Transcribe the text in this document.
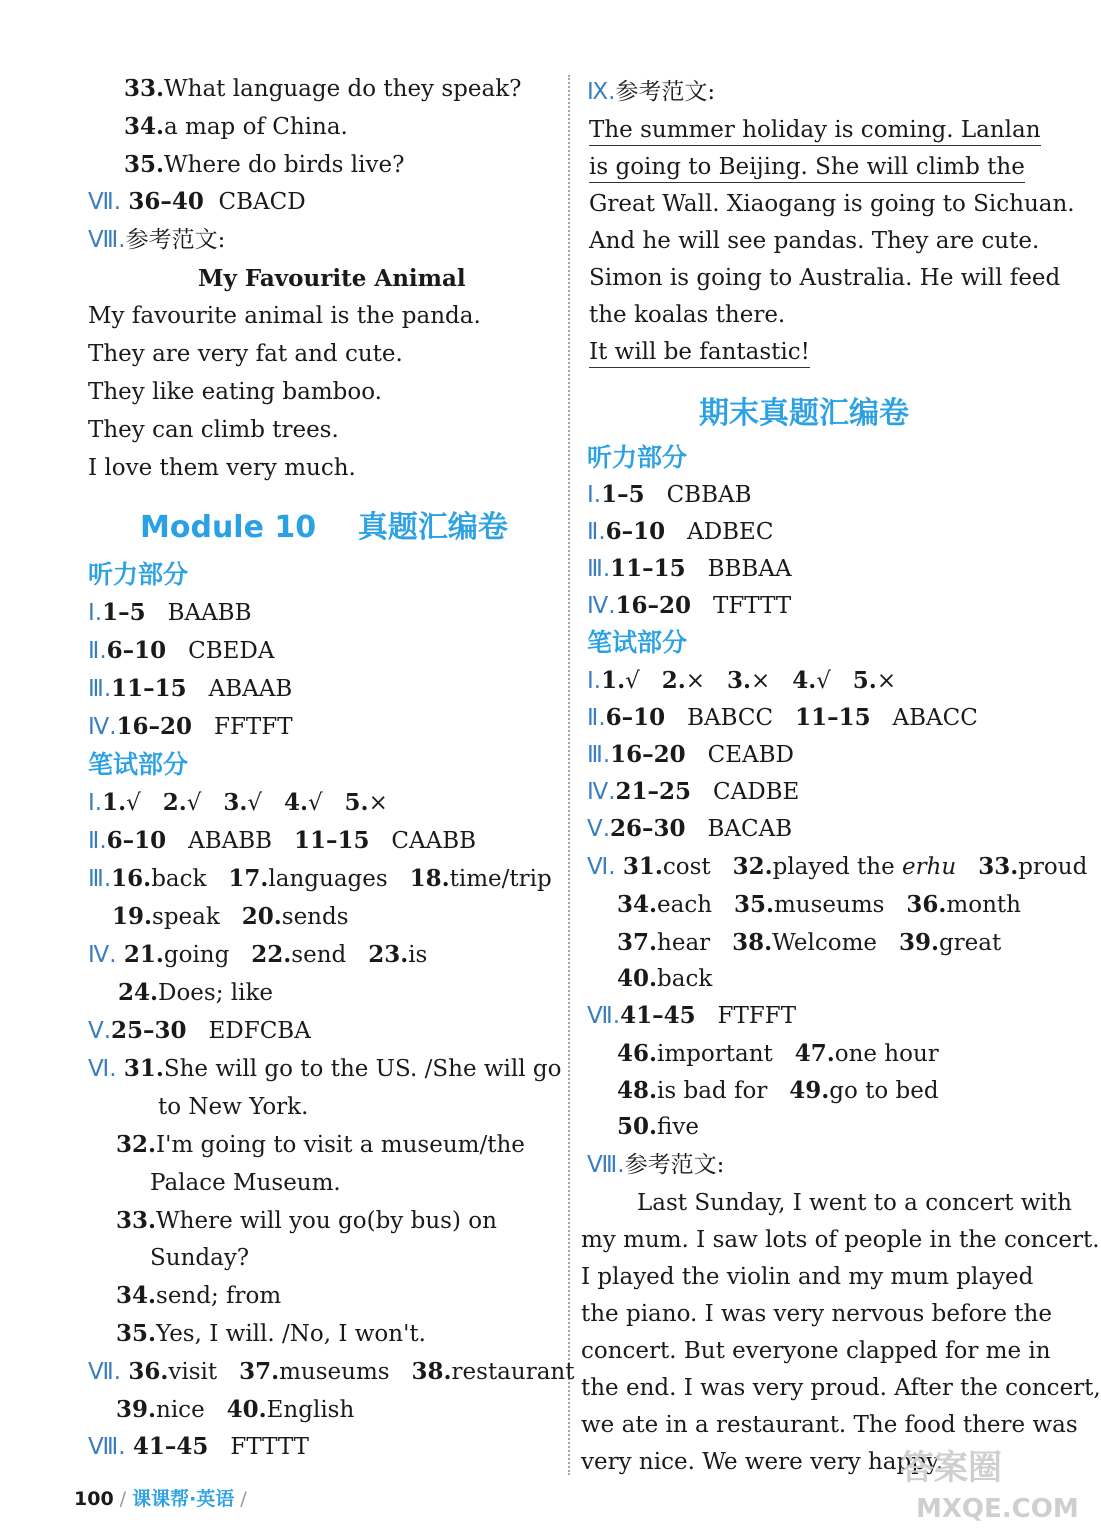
33.What language do they speak?
34.a map of China.
35.Where do birds live?
Ⅶ. 36–40 CBACD
Ⅷ.参考范文:
My Favourite Animal
My favourite animal is the panda.
They are very fat and cute.
They like eating bamboo.
They can climb trees.
I love them very much.
Module 10 真题汇编卷
听力部分
Ⅰ.1–5 BAABB
Ⅱ.6–10 CBEDA
Ⅲ.11–15 ABAAB
Ⅳ.16–20 FFTFT
笔试部分
Ⅰ.1.√ 2.√ 3.√ 4.√ 5.×
Ⅱ.6–10 ABABB 11–15 CAABB
Ⅲ.16.back 17.languages 18.time/trip
19.speak 20.sends
Ⅳ. 21.going 22.send 23.is
24.Does; like
Ⅴ.25–30 EDFCBA
Ⅵ. 31.She will go to the US. /She will go
to New York.
32.I'm going to visit a museum/the
Palace Museum.
33.Where will you go(by bus) on
Sunday?
34.send; from
35.Yes, I will. /No, I won't.
Ⅶ. 36.visit 37.museums 38.restaurant
39.nice 40.English
Ⅷ. 41–45 FTTTT
Ⅸ.参考范文:
The summer holiday is coming. Lanlan
is going to Beijing. She will climb the
Great Wall. Xiaogang is going to Sichuan.
And he will see pandas. They are cute.
Simon is going to Australia. He will feed
the koalas there.
It will be fantastic!
期末真题汇编卷
听力部分
Ⅰ.1–5 CBBAB
Ⅱ.6–10 ADBEC
Ⅲ.11–15 BBBAA
Ⅳ.16–20 TFTTT
笔试部分
Ⅰ.1.√ 2.× 3.× 4.√ 5.×
Ⅱ.6–10 BABCC 11–15 ABACC
Ⅲ.16–20 CEABD
Ⅳ.21–25 CADBE
Ⅴ.26–30 BACAB
Ⅵ. 31.cost 32.played the erhu 33.proud
34.each 35.museums 36.month
37.hear 38.Welcome 39.great
40.back
Ⅶ.41–45 FTFFT
46.important 47.one hour
48.is bad for 49.go to bed
50.five
Ⅷ.参考范文:
Last Sunday, I went to a concert with
my mum. I saw lots of people in the concert.
I played the violin and my mum played
the piano. I was very nervous before the
concert. But everyone clapped for me in
the end. I was very proud. After the concert,
we ate in a restaurant. The food there was
very nice. We were very happy.
100 / 课课帮·英语 /
答案圈
MXQE.COM
